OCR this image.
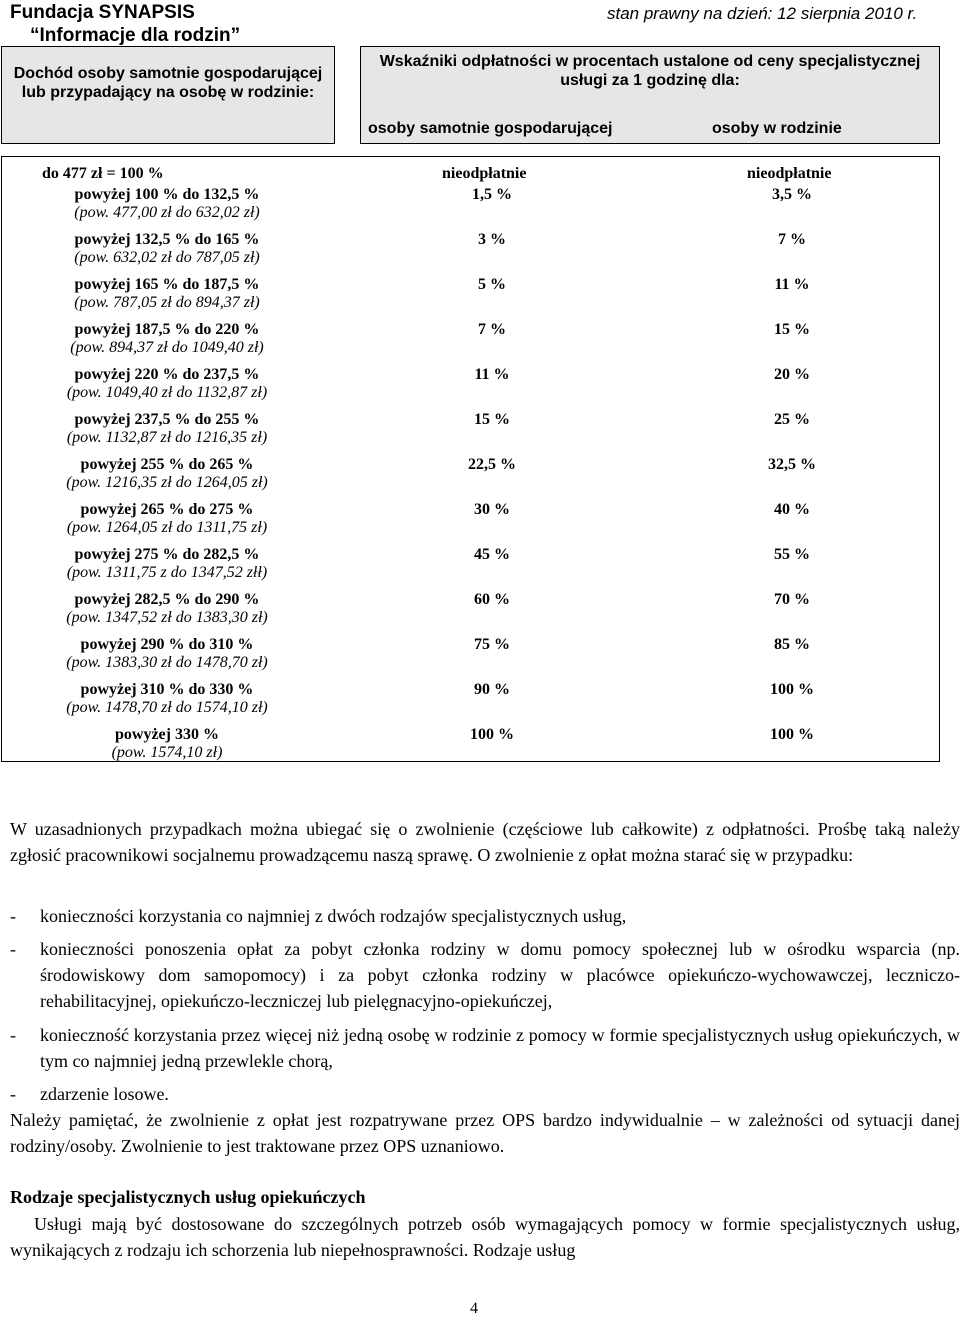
Fundacja SYNAPSIS
“Informacje dla rodzin”
stan prawny na dzień: 12 sierpnia 2010 r.
Dochód osoby samotnie gospodarującej lub przypadający na osobę w rodzinie:
Wskaźniki odpłatności w procentach ustalone od ceny specjalistycznej usługi za 1 godzinę dla:
osoby samotnie gospodarującej	osoby w rodzinie
do 477 zł = 100 %	nieodpłatnie	nieodpłatnie
powyżej 100 % do 132,5 %
(pow. 477,00 zł do 632,02 zł)
1,5 %	3,5 %
powyżej 132,5 % do 165 %
(pow. 632,02 zł do 787,05 zł)
3 %	7 %
powyżej 165 % do 187,5 %
(pow. 787,05 zł do 894,37 zł)
5 %	11 %
powyżej 187,5 % do 220 %
(pow. 894,37 zł do 1049,40 zł)
7 %	15 %
powyżej 220 % do 237,5 %
(pow. 1049,40 zł do 1132,87 zł)
11 %	20 %
powyżej 237,5 % do 255 %
(pow. 1132,87 zł do 1216,35 zł)
15 %	25 %
powyżej 255 % do 265 %
(pow. 1216,35 zł do 1264,05 zł)
22,5 %	32,5 %
powyżej 265 % do 275 %
(pow. 1264,05 zł do 1311,75 zł)
30 %	40 %
powyżej 275 % do 282,5 %
(pow. 1311,75 z do 1347,52 złł)
45 %	55 %
powyżej 282,5 % do 290 %
(pow. 1347,52 zł do 1383,30 zł)
60 %	70 %
powyżej 290 % do 310 %
(pow. 1383,30 zł do 1478,70 zł)
75 %	85 %
powyżej 310 % do 330 %
(pow. 1478,70 zł do 1574,10 zł)
90 %	100 %
powyżej 330 %
(pow. 1574,10 zł)
100 %	100 %
W uzasadnionych przypadkach można ubiegać się o zwolnienie (częściowe lub całkowite) z odpłatności. Prośbę taką należy zgłosić pracownikowi socjalnemu prowadzącemu naszą sprawę. O zwolnienie z opłat można starać się w przypadku:
- konieczności korzystania co najmniej z dwóch rodzajów specjalistycznych usług,
- konieczności ponoszenia opłat za pobyt członka rodziny w domu pomocy społecznej lub w ośrodku wsparcia (np. środowiskowy dom samopomocy) i za pobyt członka rodziny w placówce opiekuńczo-wychowawczej, leczniczo-rehabilitacyjnej, opiekuńczo-leczniczej lub pielęgnacyjno-opiekuńczej,
- konieczność korzystania przez więcej niż jedną osobę w rodzinie z pomocy w formie specjalistycznych usług opiekuńczych, w tym co najmniej jedną przewlekle chorą,
- zdarzenie losowe.
Należy pamiętać, że zwolnienie z opłat jest rozpatrywane przez OPS bardzo indywidualnie – w zależności od sytuacji danej rodziny/osoby. Zwolnienie to jest traktowane przez OPS uznaniowo.
Rodzaje specjalistycznych usług opiekuńczych
Usługi mają być dostosowane do szczególnych potrzeb osób wymagających pomocy w formie specjalistycznych usług, wynikających z rodzaju ich schorzenia lub niepełnosprawności. Rodzaje usług
4
